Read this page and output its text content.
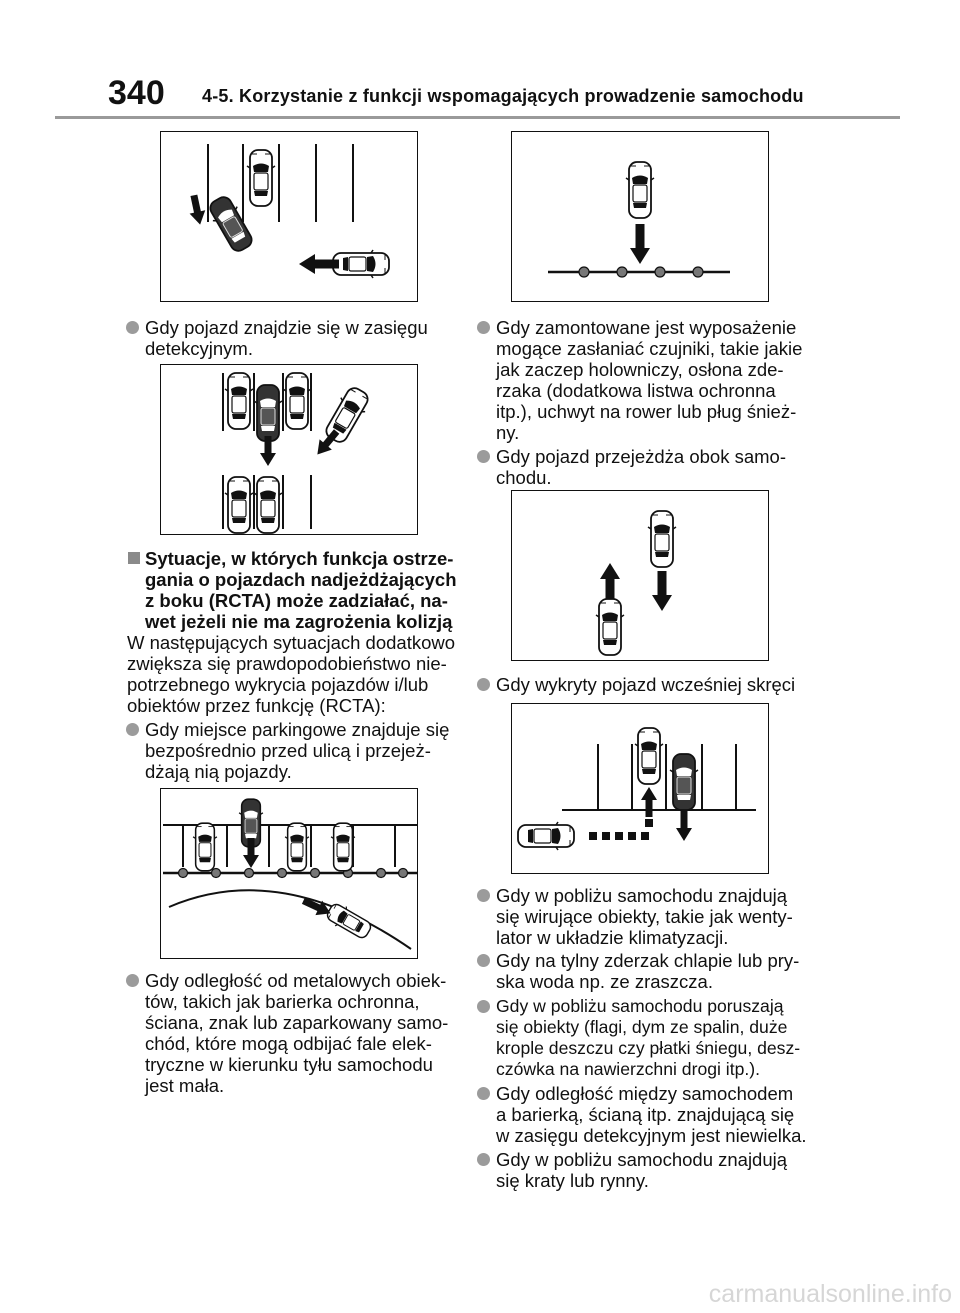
340 4-5. Korzystanie z funkcji wspomagających prowadzenie samochodu
Gdy pojazd znajdzie się w zasięgu
detekcyjnym.
Sytuacje, w których funkcja ostrze-
gania o pojazdach nadjeżdżających
z boku (RCTA) może zadziałać, na-
wet jeżeli nie ma zagrożenia kolizją
W następujących sytuacjach dodatkowo
zwiększa się prawdopodobieństwo nie-
potrzebnego wykrycia pojazdów i/lub
obiektów przez funkcję (RCTA):
Gdy miejsce parkingowe znajduje się
bezpośrednio przed ulicą i przejeż-
dżają nią pojazdy.
Gdy odległość od metalowych obiek-
tów, takich jak barierka ochronna,
ściana, znak lub zaparkowany samo-
chód, które mogą odbijać fale elek-
tryczne w kierunku tyłu samochodu
jest mała.
Gdy zamontowane jest wyposażenie
mogące zasłaniać czujniki, takie jakie
jak zaczep holowniczy, osłona zde-
rzaka (dodatkowa listwa ochronna
itp.), uchwyt na rower lub pług śnież-
ny.
Gdy pojazd przejeżdża obok samo-
chodu.
Gdy wykryty pojazd wcześniej skręci
Gdy w pobliżu samochodu znajdują
się wirujące obiekty, takie jak wenty-
lator w układzie klimatyzacji.
Gdy na tylny zderzak chlapie lub pry-
ska woda np. ze zraszcza.
Gdy w pobliżu samochodu poruszają
się obiekty (flagi, dym ze spalin, duże
krople deszczu czy płatki śniegu, desz-
czówka na nawierzchni drogi itp.).
Gdy odległość między samochodem
a barierką, ścianą itp. znajdującą się
w zasięgu detekcyjnym jest niewielka.
Gdy w pobliżu samochodu znajdują
się kraty lub rynny.
carmanualsonline.info
